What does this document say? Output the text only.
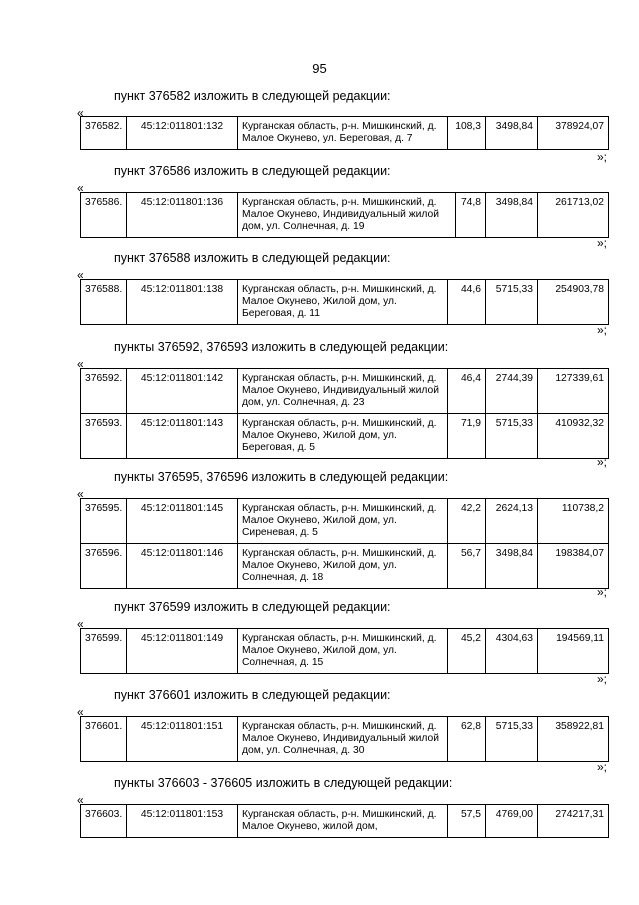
95
пункт 376582 изложить в следующей редакции:
«
376582.	45:12:011801:132	Курганская область, р-н. Мишкинский, д. Малое Окунево, ул. Береговая, д. 7	108,3	3498,84	378924,07
»;
пункт 376586 изложить в следующей редакции:
«
376586.	45:12:011801:136	Курганская область, р-н. Мишкинский, д. Малое Окунево, Индивидуальный жилой дом, ул. Солнечная, д. 19	74,8	3498,84	261713,02
»;
пункт 376588 изложить в следующей редакции:
«
376588.	45:12:011801:138	Курганская область, р-н. Мишкинский, д. Малое Окунево, Жилой дом, ул. Береговая, д. 11	44,6	5715,33	254903,78
»;
пункты 376592, 376593 изложить в следующей редакции:
«
376592.	45:12:011801:142	Курганская область, р-н. Мишкинский, д. Малое Окунево, Индивидуальный жилой дом, ул. Солнечная, д. 23	46,4	2744,39	127339,61
376593.	45:12:011801:143	Курганская область, р-н. Мишкинский, д. Малое Окунево, Жилой дом, ул. Береговая, д. 5	71,9	5715,33	410932,32
»;
пункты 376595, 376596 изложить в следующей редакции:
«
376595.	45:12:011801:145	Курганская область, р-н. Мишкинский, д. Малое Окунево, Жилой дом, ул. Сиреневая, д. 5	42,2	2624,13	110738,2
376596.	45:12:011801:146	Курганская область, р-н. Мишкинский, д. Малое Окунево, Жилой дом, ул. Солнечная, д. 18	56,7	3498,84	198384,07
»;
пункт 376599 изложить в следующей редакции:
«
376599.	45:12:011801:149	Курганская область, р-н. Мишкинский, д. Малое Окунево, Жилой дом, ул. Солнечная, д. 15	45,2	4304,63	194569,11
»;
пункт 376601 изложить в следующей редакции:
«
376601.	45:12:011801:151	Курганская область, р-н. Мишкинский, д. Малое Окунево, Индивидуальный жилой дом, ул. Солнечная, д. 30	62,8	5715,33	358922,81
»;
пункты 376603 - 376605 изложить в следующей редакции:
«
376603.	45:12:011801:153	Курганская область, р-н. Мишкинский, д. Малое Окунево, жилой дом,	57,5	4769,00	274217,31
